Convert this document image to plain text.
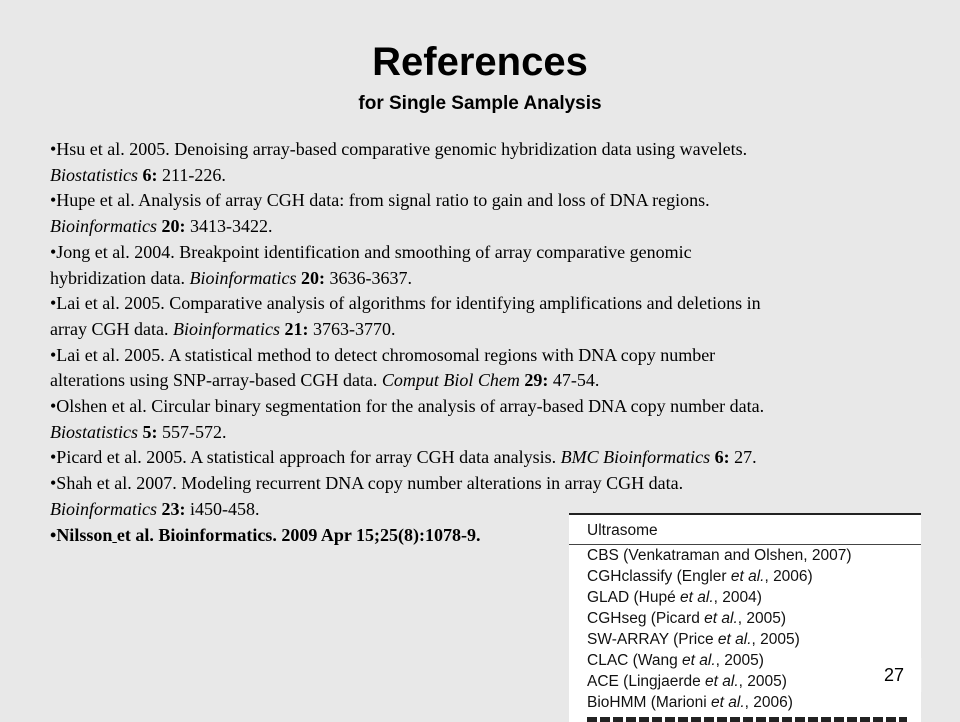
References
for Single Sample Analysis
•Hsu et al. 2005. Denoising array-based comparative genomic hybridization data using wavelets.
Biostatistics 6: 211-226.
•Hupe et al. Analysis of array CGH data: from signal ratio to gain and loss of DNA regions.
Bioinformatics 20: 3413-3422.
•Jong et al. 2004. Breakpoint identification and smoothing of array comparative genomic
hybridization data. Bioinformatics 20: 3636-3637.
•Lai et al. 2005. Comparative analysis of algorithms for identifying amplifications and deletions in
array CGH data. Bioinformatics 21: 3763-3770.
•Lai et al. 2005. A statistical method to detect chromosomal regions with DNA copy number
alterations using SNP-array-based CGH data. Comput Biol Chem 29: 47-54.
•Olshen et al. Circular binary segmentation for the analysis of array-based DNA copy number data.
Biostatistics 5: 557-572.
•Picard et al. 2005. A statistical approach for array CGH data analysis. BMC Bioinformatics 6: 27.
•Shah et al. 2007. Modeling recurrent DNA copy number alterations in array CGH data.
Bioinformatics 23: i450-458.
•Nilsson et al. Bioinformatics. 2009 Apr 15;25(8):1078-9.	Ultrasome
CBS (Venkatraman and Olshen, 2007)
CGHclassify (Engler et al., 2006)
GLAD (Hupé et al., 2004)
CGHseg (Picard et al., 2005)
SW-ARRAY (Price et al., 2005)
CLAC (Wang et al., 2005)
ACE (Lingjaerde et al., 2005)
BioHMM (Marioni et al., 2006)
27
